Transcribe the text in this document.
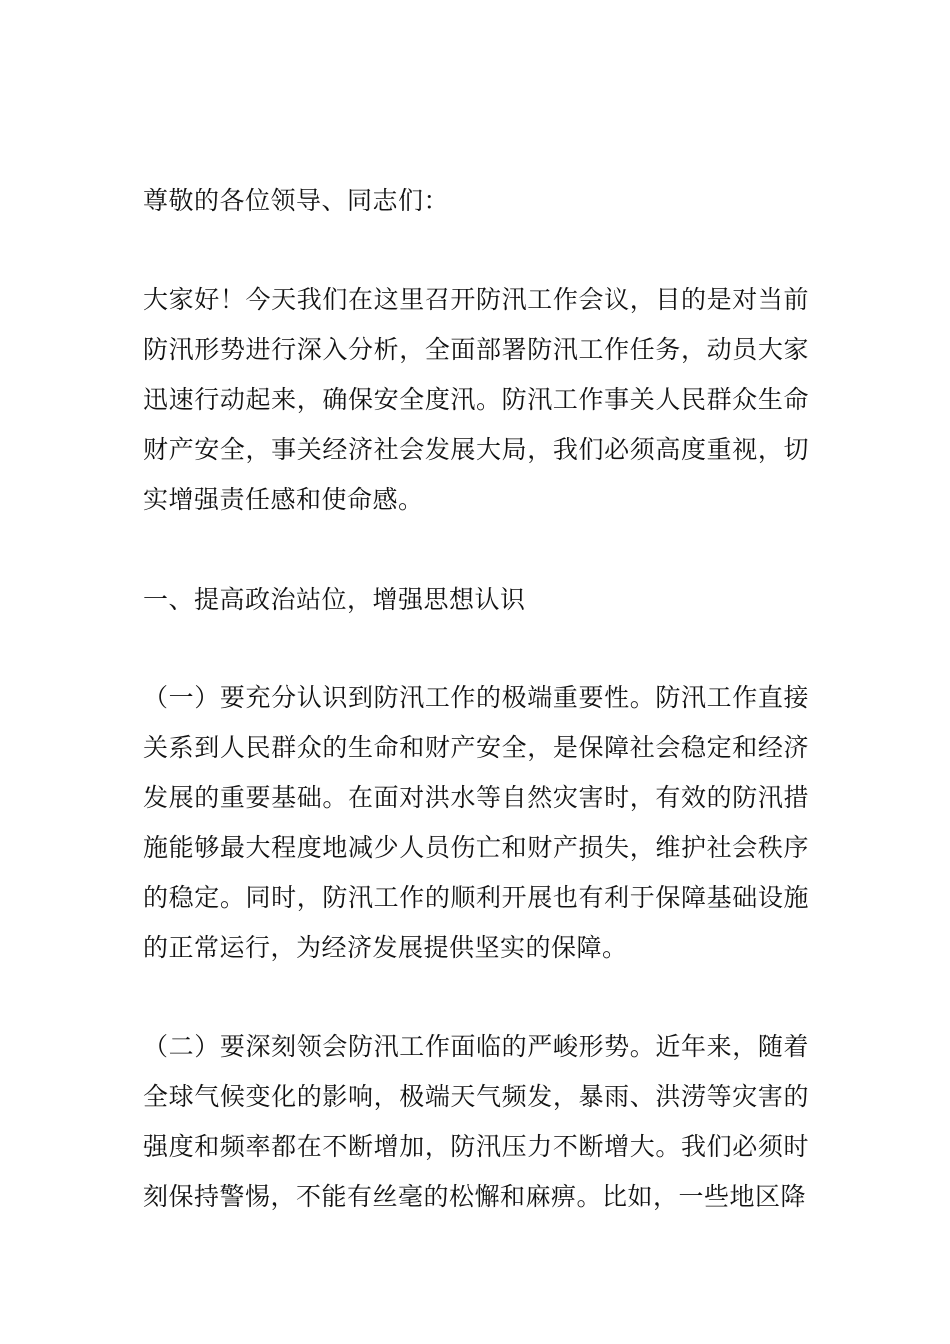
尊敬的各位领导、同志们：
大家好！今天我们在这里召开防汛工作会议，目的是对当前防汛形势进行深入分析，全面部署防汛工作任务，动员大家迅速行动起来，确保安全度汛。防汛工作事关人民群众生命财产安全，事关经济社会发展大局，我们必须高度重视，切实增强责任感和使命感。
一、提高政治站位，增强思想认识
（一）要充分认识到防汛工作的极端重要性。防汛工作直接关系到人民群众的生命和财产安全，是保障社会稳定和经济发展的重要基础。在面对洪水等自然灾害时，有效的防汛措施能够最大程度地减少人员伤亡和财产损失，维护社会秩序的稳定。同时，防汛工作的顺利开展也有利于保障基础设施的正常运行，为经济发展提供坚实的保障。
（二）要深刻领会防汛工作面临的严峻形势。近年来，随着全球气候变化的影响，极端天气频发，暴雨、洪涝等灾害的强度和频率都在不断增加，防汛压力不断增大。我们必须时刻保持警惕，不能有丝毫的松懈和麻痹。比如，一些地区降
